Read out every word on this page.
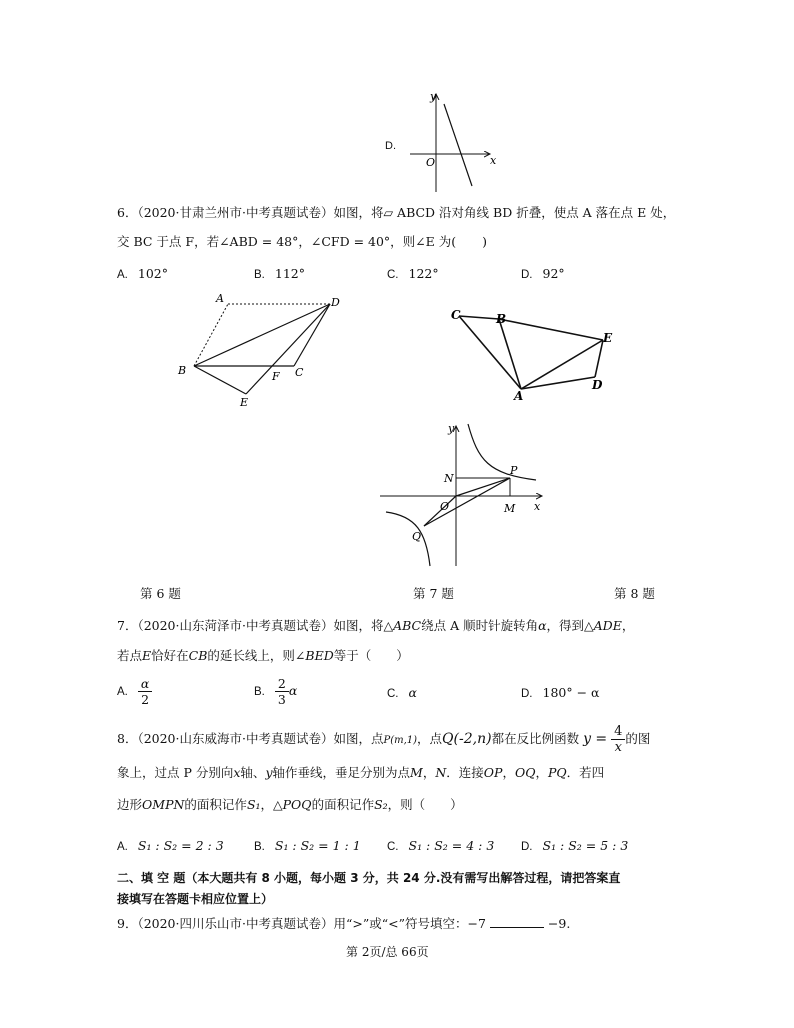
D.
y
x
O
6．（2020·甘肃兰州市·中考真题试卷）如图，将▱ ABCD 沿对角线 BD 折叠，使点 A 落在点 E 处，
交 BC 于点 F，若∠ABD = 48°，∠CFD = 40°，则∠E 为( )
A. 102°	B. 112°	C. 122°	D. 92°
A	D
B	F C
E
C	B
E
A
D
y
N
P
O	M x
Q
第 6 题	第 7 题	第 8 题
7．（2020·山东菏泽市·中考真题试卷）如图，将△ABC绕点 A 顺时针旋转角α，得到△ADE，
若点E恰好在CB的延长线上，则∠BED等于（　　）
A. $\frac{\alpha}{2}$	B. $\frac{2}{3}$ α	C. α	D. 180° − α
8．（2020·山东威海市·中考真题试卷）如图，点P(m,1)，点Q(-2,n)都在反比例函数 $y = \frac{4}{x}$ 的图
象上，过点 P 分别向x轴、y轴作垂线，垂足分别为点M，N．连接OP，OQ，PQ．若四
边形OMPN的面积记作S₁，△POQ的面积记作S₂，则（　　）
A. S₁ : S₂ = 2 : 3	B. S₁ : S₂ = 1 : 1 C. S₁ : S₂ = 4 : 3 D. S₁ : S₂ = 5 : 3
二、填 空 题（本大题共有 8 小题，每小题 3 分，共 24 分.没有需写出解答过程，请把答案直
接填写在答题卡相应位置上）
9．（2020·四川乐山市·中考真题试卷）用“>”或“<”符号填空：−7	−9.
第 2页/总 66页
